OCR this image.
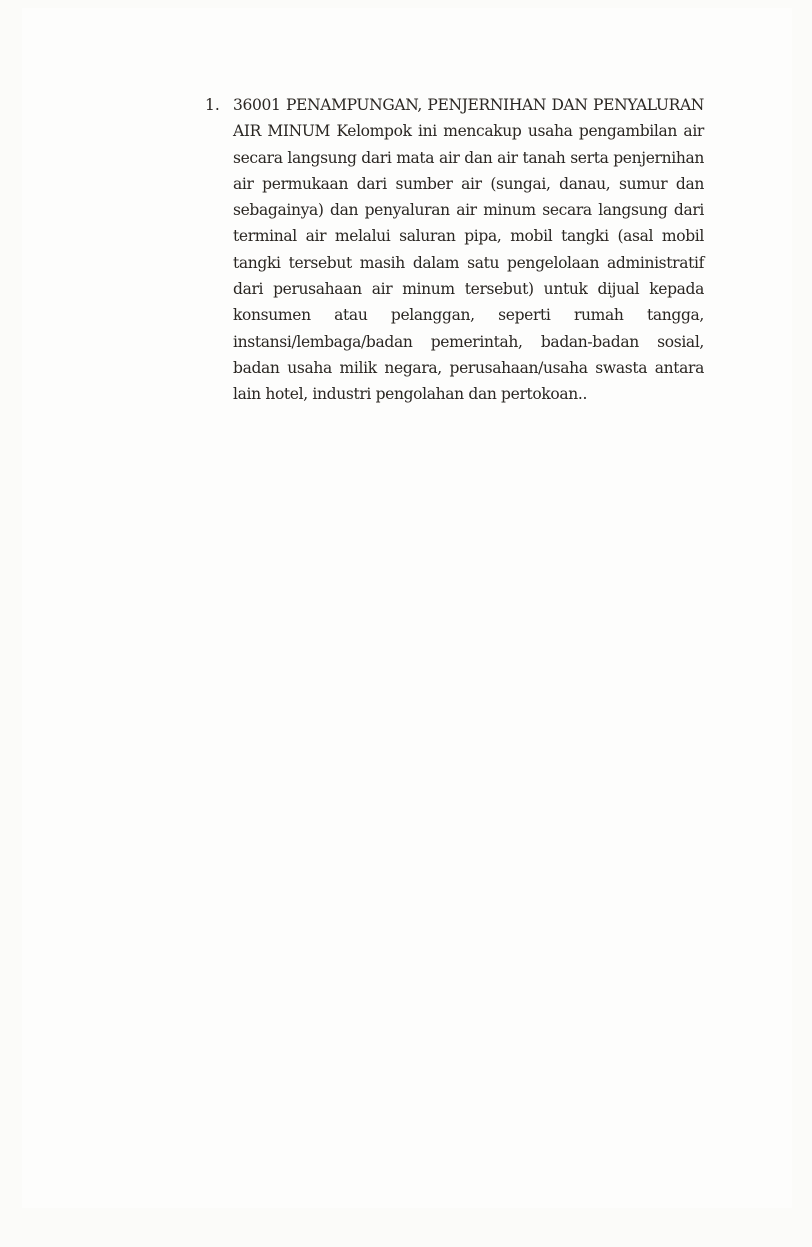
1. 36001 PENAMPUNGAN, PENJERNIHAN DAN PENYALURAN
AIR MINUM Kelompok ini mencakup usaha pengambilan air
secara langsung dari mata air dan air tanah serta penjernihan
air permukaan dari sumber air (sungai, danau, sumur dan
sebagainya) dan penyaluran air minum secara langsung dari
terminal air melalui saluran pipa, mobil tangki (asal mobil
tangki tersebut masih dalam satu pengelolaan administratif
dari perusahaan air minum tersebut) untuk dijual kepada
konsumen atau pelanggan, seperti rumah tangga,
instansi/lembaga/badan pemerintah, badan-badan sosial,
badan usaha milik negara, perusahaan/usaha swasta antara
lain hotel, industri pengolahan dan pertokoan..
